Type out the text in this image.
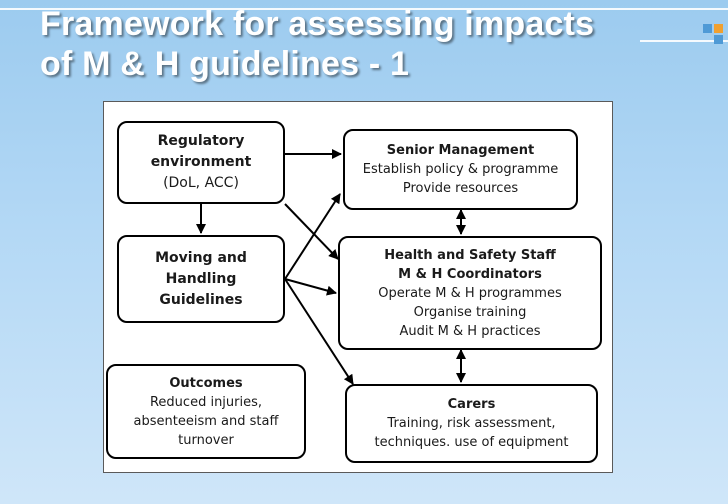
Framework for assessing impacts
of M & H guidelines - 1
Regulatory
environment
(DoL, ACC)
Moving and
Handling
Guidelines
Outcomes
Reduced injuries,
absenteeism and staff
turnover
Senior Management
Establish policy & programme
Provide resources
Health and Safety Staff
M & H Coordinators
Operate M & H programmes
Organise training
Audit M & H practices
Carers
Training, risk assessment,
techniques. use of equipment
